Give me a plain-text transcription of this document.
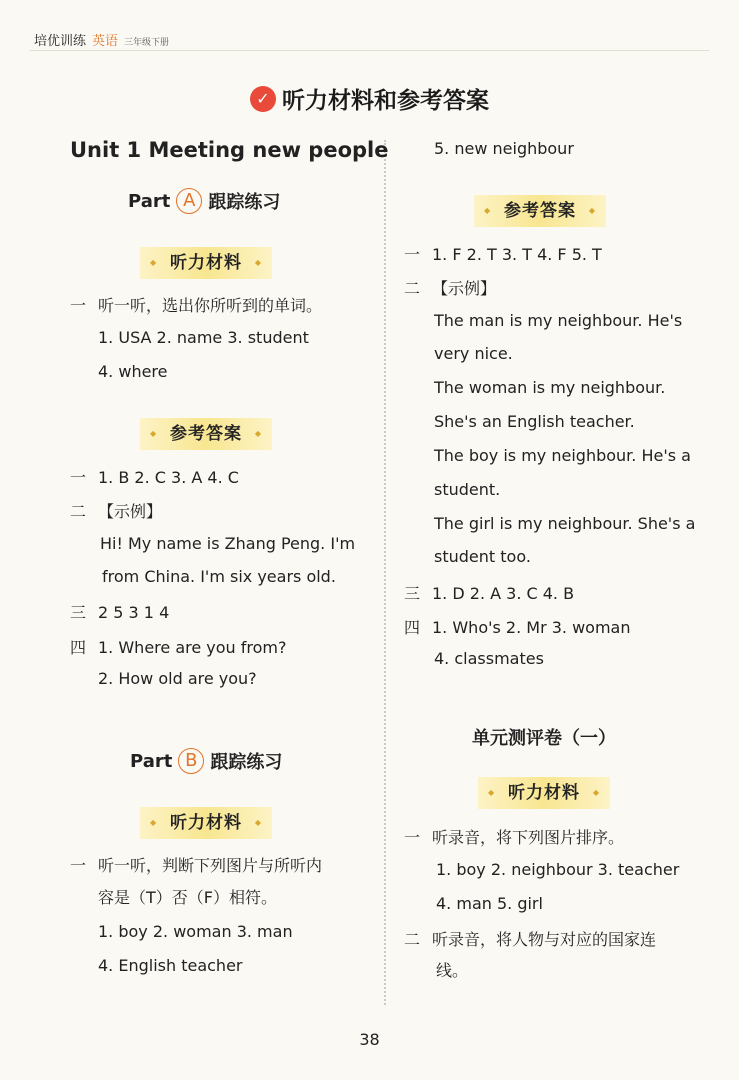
培优训练 英语 三年级下册
✓ 听力材料和参考答案
Unit 1 Meeting new people
Part A 跟踪练习
◆ 听力材料 ◆
一 听一听，选出你所听到的单词。
1. USA 2. name 3. student
4. where
◆ 参考答案 ◆
一 1. B 2. C 3. A 4. C
二 【示例】
Hi! My name is Zhang Peng. I'm
from China. I'm six years old.
三 2 5 3 1 4
四 1. Where are you from?
2. How old are you?
Part B 跟踪练习
◆ 听力材料 ◆
一 听一听，判断下列图片与所听内
容是（T）否（F）相符。
1. boy 2. woman 3. man
4. English teacher
5. new neighbour
◆ 参考答案 ◆
一 1. F 2. T 3. T 4. F 5. T
二 【示例】
The man is my neighbour. He's
very nice.
The woman is my neighbour.
She's an English teacher.
The boy is my neighbour. He's a
student.
The girl is my neighbour. She's a
student too.
三 1. D 2. A 3. C 4. B
四 1. Who's 2. Mr 3. woman
4. classmates
单元测评卷（一）
◆ 听力材料 ◆
一 听录音，将下列图片排序。
1. boy 2. neighbour 3. teacher
4. man 5. girl
二 听录音，将人物与对应的国家连
线。
38
